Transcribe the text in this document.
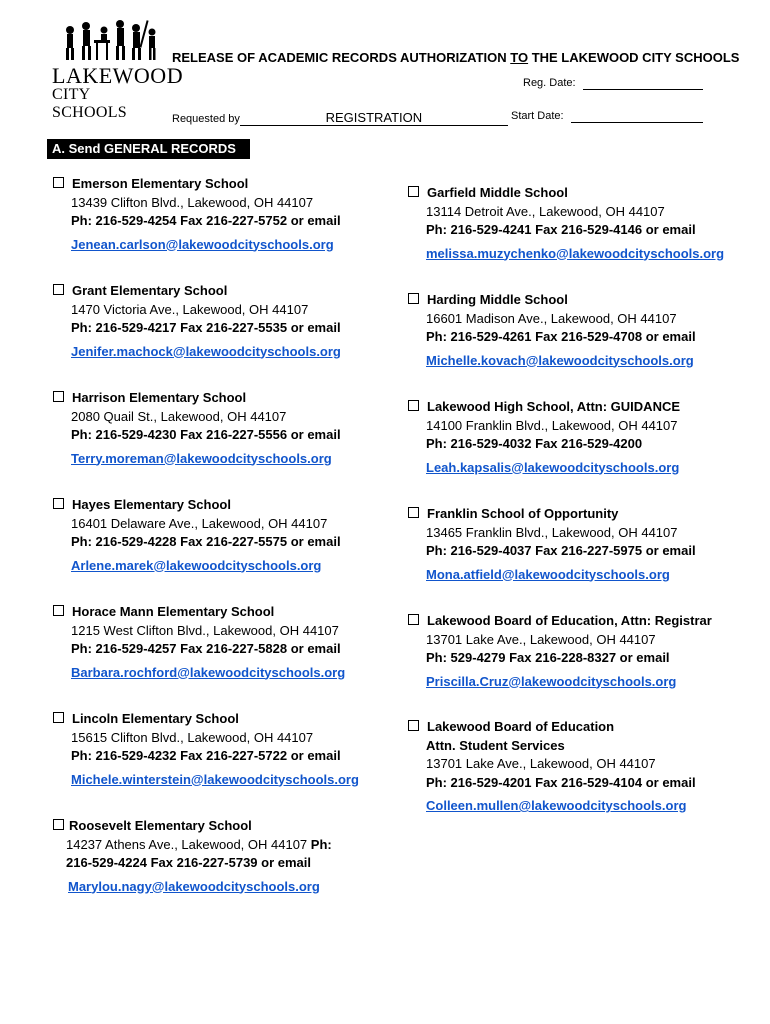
LAKEWOOD
CITY SCHOOLS
RELEASE OF ACADEMIC RECORDS AUTHORIZATION TO THE LAKEWOOD CITY SCHOOLS
Reg. Date:
Requested by	REGISTRATION	Start Date:
A. Send GENERAL RECORDS to:l
Emerson Elementary School
13439 Clifton Blvd., Lakewood, OH 44107
Ph: 216-529-4254 Fax 216-227-5752 or email
Jenean.carlson@lakewoodcityschools.org
Grant Elementary School
1470 Victoria Ave., Lakewood, OH 44107
Ph: 216-529-4217 Fax 216-227-5535 or email
Jenifer.machock@lakewoodcityschools.org
Harrison Elementary School
2080 Quail St., Lakewood, OH 44107
Ph: 216-529-4230 Fax 216-227-5556 or email
Terry.moreman@lakewoodcityschools.org
Hayes Elementary School
16401 Delaware Ave., Lakewood, OH 44107
Ph: 216-529-4228 Fax 216-227-5575 or email
Arlene.marek@lakewoodcityschools.org
Horace Mann Elementary School
1215 West Clifton Blvd., Lakewood, OH 44107
Ph: 216-529-4257 Fax 216-227-5828 or email
Barbara.rochford@lakewoodcityschools.org
Lincoln Elementary School
15615 Clifton Blvd., Lakewood, OH 44107
Ph: 216-529-4232 Fax 216-227-5722 or email
Michele.winterstein@lakewoodcityschools.org
Roosevelt Elementary School
14237 Athens Ave., Lakewood, OH 44107 Ph:
216-529-4224 Fax 216-227-5739 or email
Marylou.nagy@lakewoodcityschools.org
Garfield Middle School
13114 Detroit Ave., Lakewood, OH 44107
Ph: 216-529-4241 Fax 216-529-4146 or email
melissa.muzychenko@lakewoodcityschools.org
Harding Middle School
16601 Madison Ave., Lakewood, OH 44107
Ph: 216-529-4261 Fax 216-529-4708 or email
Michelle.kovach@lakewoodcityschools.org
Lakewood High School, Attn: GUIDANCE
14100 Franklin Blvd., Lakewood, OH 44107
Ph: 216-529-4032 Fax 216-529-4200
Leah.kapsalis@lakewoodcityschools.org
Franklin School of Opportunity
13465 Franklin Blvd., Lakewood, OH 44107
Ph: 216-529-4037 Fax 216-227-5975 or email
Mona.atfield@lakewoodcityschools.org
Lakewood Board of Education, Attn: Registrar
13701 Lake Ave., Lakewood, OH 44107
Ph: 529-4279 Fax 216-228-8327 or email
Priscilla.Cruz@lakewoodcityschools.org
Lakewood Board of Education
Attn. Student Services
13701 Lake Ave., Lakewood, OH 44107
Ph: 216-529-4201 Fax 216-529-4104 or email
Colleen.mullen@lakewoodcityschools.org
